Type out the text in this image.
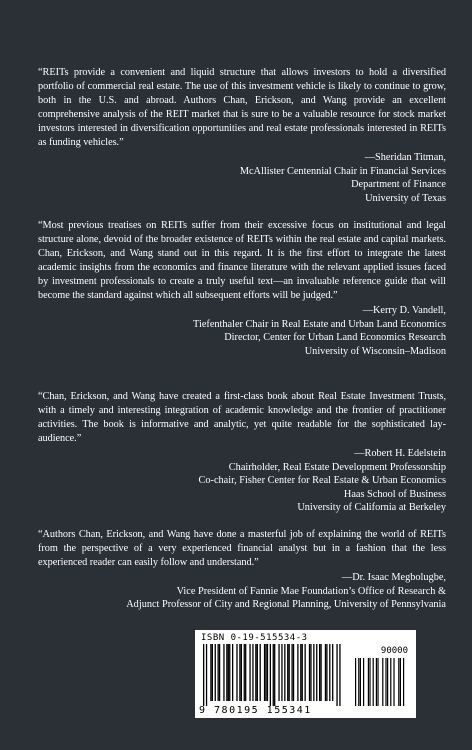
“REITs provide a convenient and liquid structure that allows investors to hold a diversified portfolio of commercial real estate. The use of this investment vehicle is likely to continue to grow, both in the U.S. and abroad. Authors Chan, Erickson, and Wang provide an excellent comprehensive analysis of the REIT market that is sure to be a valuable resource for stock market investors interested in diversification opportunities and real estate professionals interested in REITs as funding vehicles.”

—Sheridan Titman,
McAllister Centennial Chair in Financial Services
Department of Finance
University of Texas

“Most previous treatises on REITs suffer from their excessive focus on institutional and legal structure alone, devoid of the broader existence of REITs within the real estate and capital markets. Chan, Erickson, and Wang stand out in this regard. It is the first effort to integrate the latest academic insights from the economics and finance literature with the relevant applied issues faced by investment professionals to create a truly useful text—an invaluable reference guide that will become the standard against which all subsequent efforts will be judged.”

—Kerry D. Vandell,
Tiefenthaler Chair in Real Estate and Urban Land Economics
Director, Center for Urban Land Economics Research
University of Wisconsin–Madison

“Chan, Erickson, and Wang have created a first-class book about Real Estate Investment Trusts, with a timely and interesting integration of academic knowledge and the frontier of practitioner activities. The book is informative and analytic, yet quite readable for the sophisticated lay-audience.”

—Robert H. Edelstein
Chairholder, Real Estate Development Professorship
Co-chair, Fisher Center for Real Estate & Urban Economics
Haas School of Business
University of California at Berkeley

“Authors Chan, Erickson, and Wang have done a masterful job of explaining the world of REITs from the perspective of a very experienced financial analyst but in a fashion that the less experienced reader can easily follow and understand.”

—Dr. Isaac Megbolugbe,
Vice President of Fannie Mae Foundation’s Office of Research &
Adjunct Professor of City and Regional Planning, University of Pennsylvania
ISBN 0-19-515534-3
90000
9 780195 155341
